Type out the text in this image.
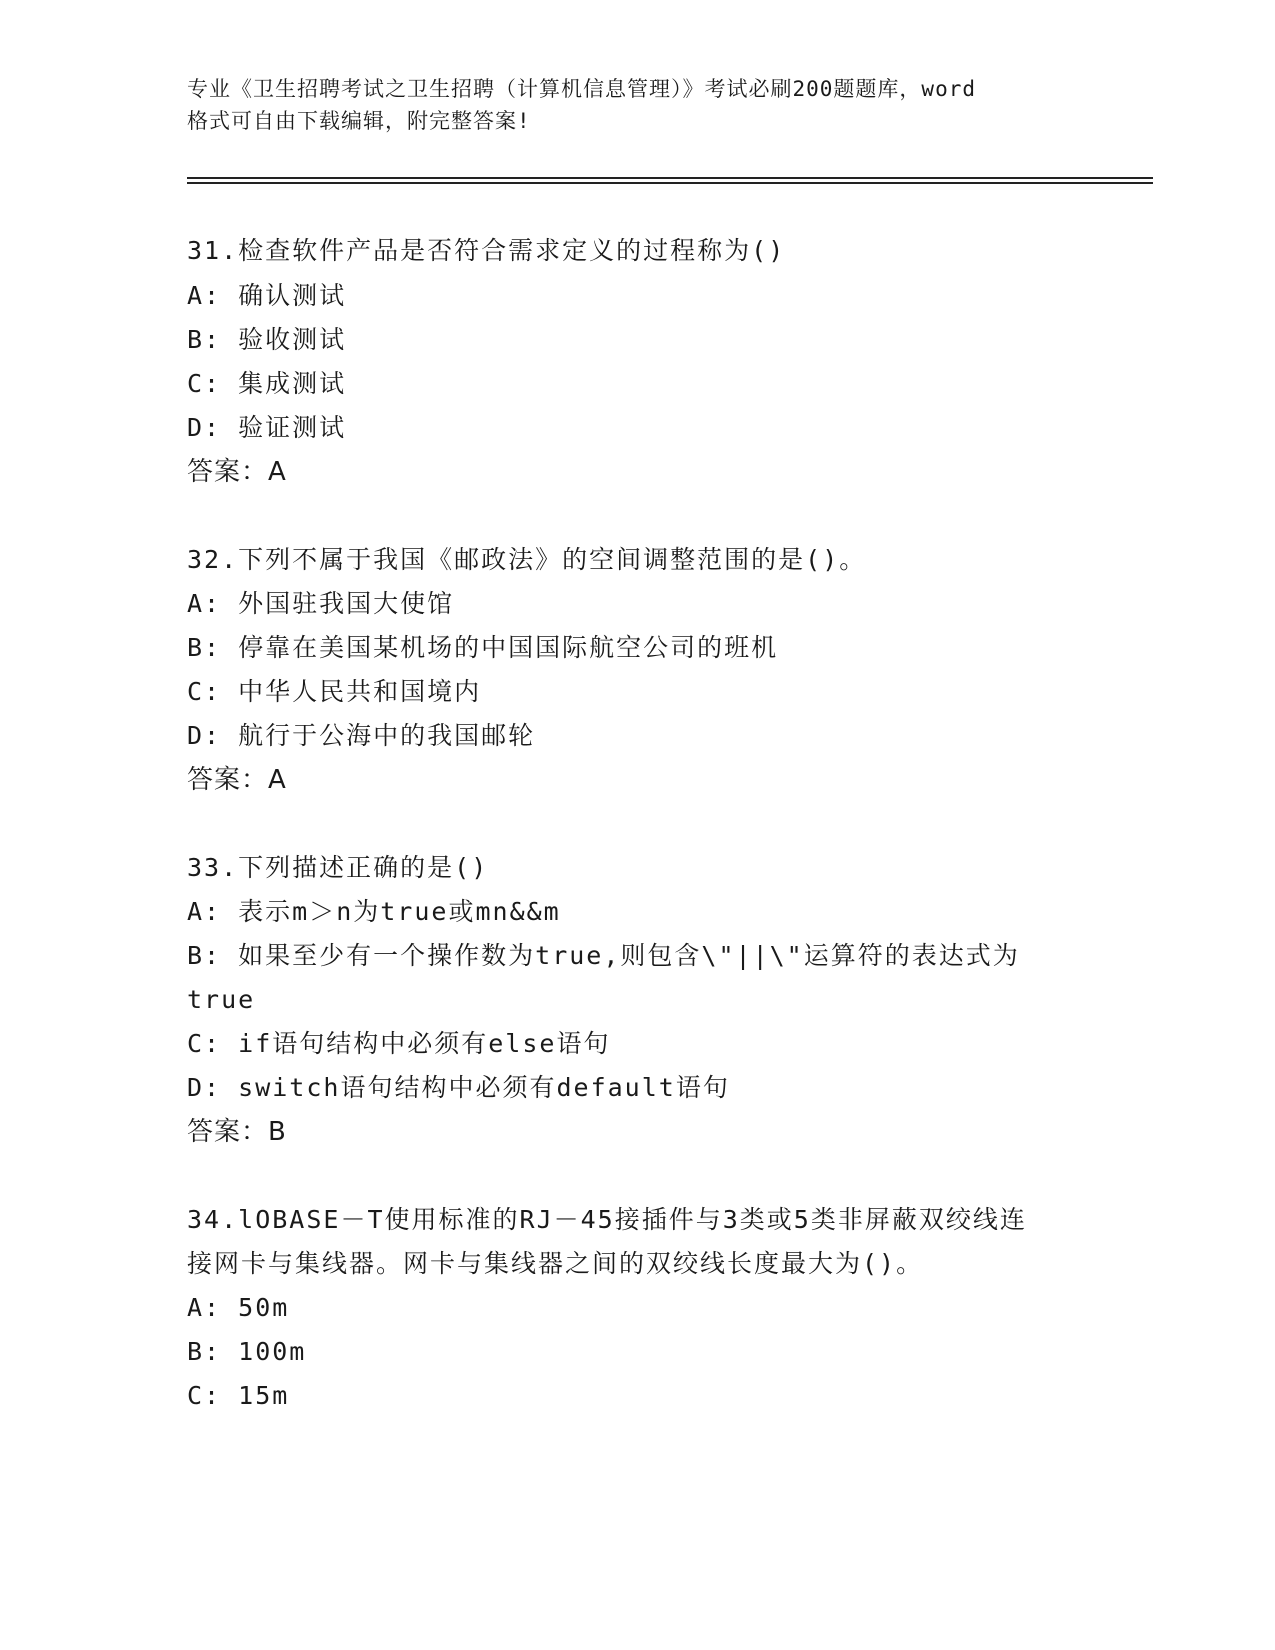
专业《卫生招聘考试之卫生招聘（计算机信息管理）》考试必刷200题题库，word
格式可自由下载编辑，附完整答案!
31.检查软件产品是否符合需求定义的过程称为()
A: 确认测试
B: 验收测试
C: 集成测试
D: 验证测试
答案：A
32.下列不属于我国《邮政法》的空间调整范围的是()。
A: 外国驻我国大使馆
B: 停靠在美国某机场的中国国际航空公司的班机
C: 中华人民共和国境内
D: 航行于公海中的我国邮轮
答案：A
33.下列描述正确的是()
A: 表示m＞n为true或mn&&m
B: 如果至少有一个操作数为true,则包含\"||\"运算符的表达式为
true
C: if语句结构中必须有else语句
D: switch语句结构中必须有default语句
答案：B
34.lOBASE－T使用标准的RJ－45接插件与3类或5类非屏蔽双绞线连
接网卡与集线器。网卡与集线器之间的双绞线长度最大为()。
A: 50m
B: 100m
C: 15m
